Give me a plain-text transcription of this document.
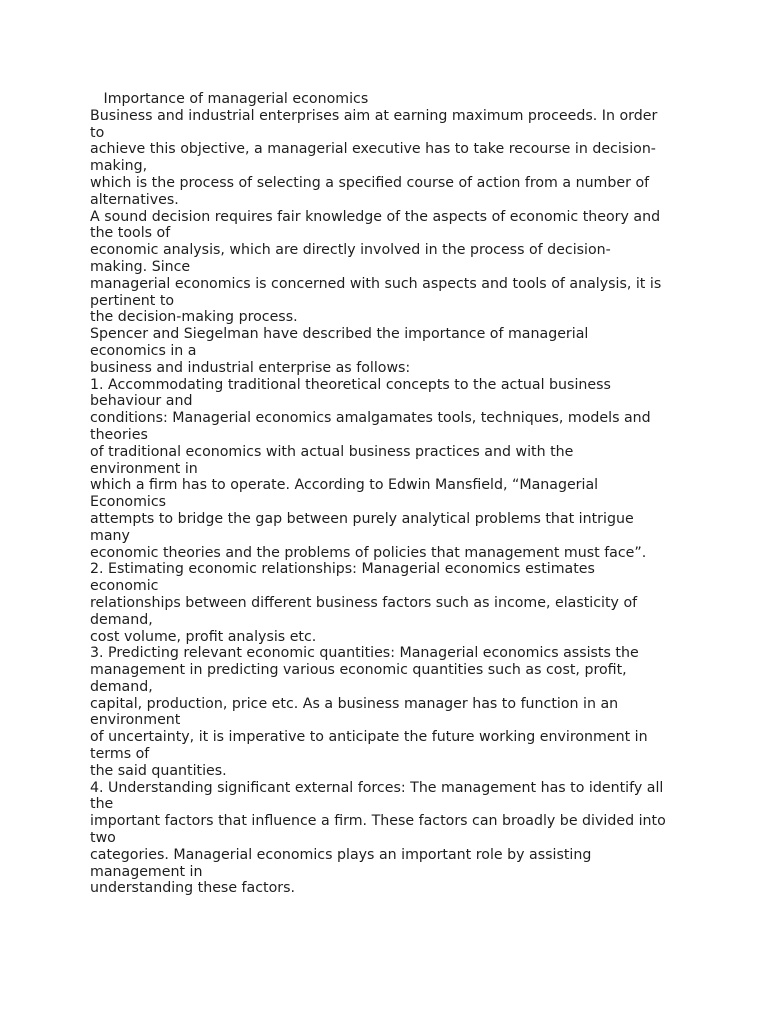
Importance of managerial economics
Business and industrial enterprises aim at earning maximum proceeds. In order
to
achieve this objective, a managerial executive has to take recourse in decision-
making,
which is the process of selecting a specified course of action from a number of
alternatives.
A sound decision requires fair knowledge of the aspects of economic theory and
the tools of
economic analysis, which are directly involved in the process of decision-
making. Since
managerial economics is concerned with such aspects and tools of analysis, it is
pertinent to
the decision-making process.
Spencer and Siegelman have described the importance of managerial
economics in a
business and industrial enterprise as follows:
1. Accommodating traditional theoretical concepts to the actual business
behaviour and
conditions: Managerial economics amalgamates tools, techniques, models and
theories
of traditional economics with actual business practices and with the
environment in
which a firm has to operate. According to Edwin Mansfield, “Managerial
Economics
attempts to bridge the gap between purely analytical problems that intrigue
many
economic theories and the problems of policies that management must face”.
2. Estimating economic relationships: Managerial economics estimates
economic
relationships between different business factors such as income, elasticity of
demand,
cost volume, profit analysis etc.
3. Predicting relevant economic quantities: Managerial economics assists the
management in predicting various economic quantities such as cost, profit,
demand,
capital, production, price etc. As a business manager has to function in an
environment
of uncertainty, it is imperative to anticipate the future working environment in
terms of
the said quantities.
4. Understanding significant external forces: The management has to identify all
the
important factors that influence a firm. These factors can broadly be divided into
two
categories. Managerial economics plays an important role by assisting
management in
understanding these factors.
